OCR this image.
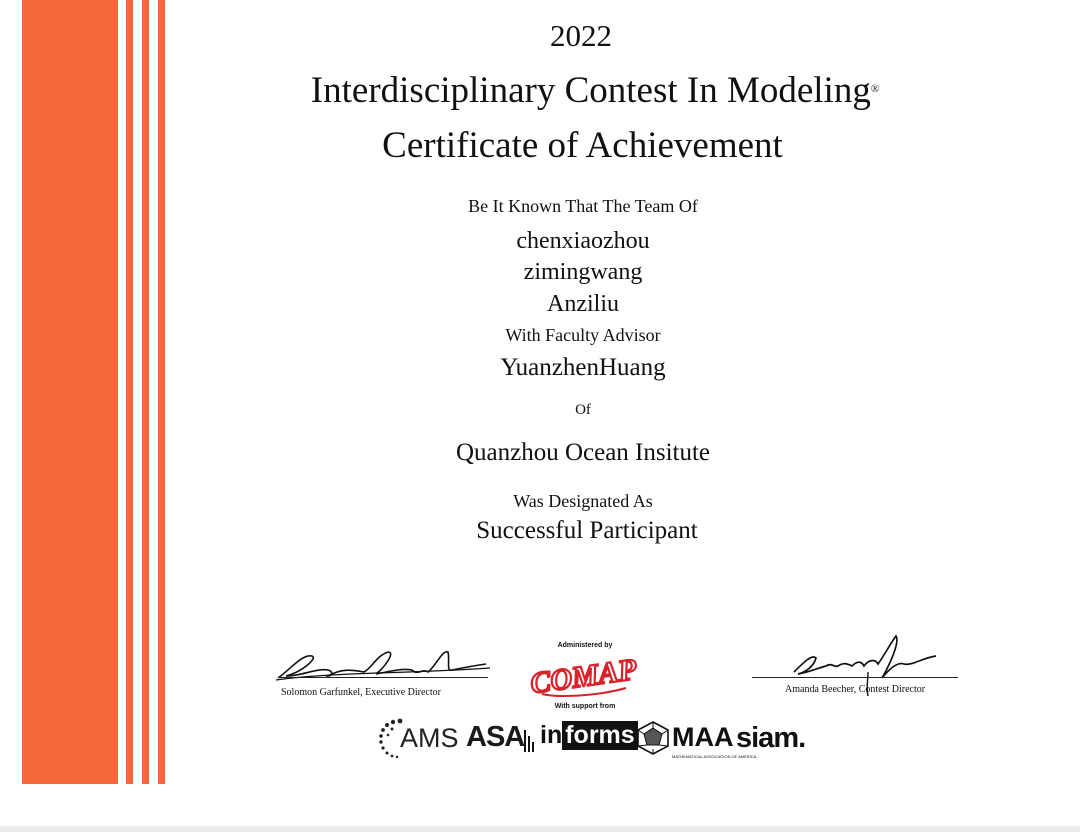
2022
Interdisciplinary Contest In Modeling®
Certificate of Achievement
Be It Known That The Team Of
chenxiaozhou
zimingwang
Anziliu
With Faculty Advisor
YuanzhenHuang
Of
Quanzhou Ocean Insitute
Was Designated As
Successful Participant
Solomon Garfunkel, Executive Director	Amanda Beecher, Contest Director
Administered by
COMAP
With support from
AMS ASA in forms MAA
MATHEMATICAL ASSOCIATION OF AMERICA
siam.
